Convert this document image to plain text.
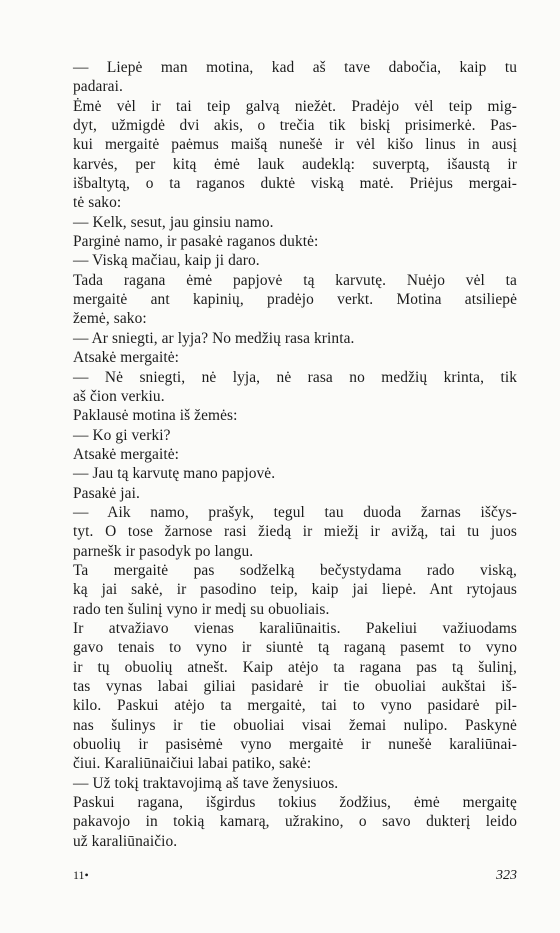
— Liepė man motina, kad aš tave dabočia, kaip tu
padarai.
Ėmė vėl ir tai teip galvą niežėt. Pradėjo vėl teip mig-
dyt, užmigdė dvi akis, o trečia tik biskį prisimerkė. Pas-
kui mergaitė paėmus maišą nunešė ir vėl kišo linus in ausį
karvės, per kitą ėmė lauk audeklą: suverptą, išaustą ir
išbaltytą, o ta raganos duktė viską matė. Priėjus mergai-
tė sako:
— Kelk, sesut, jau ginsiu namo.
Parginė namo, ir pasakė raganos duktė:
— Viską mačiau, kaip ji daro.
Tada ragana ėmė papjovė tą karvutę. Nuėjo vėl ta
mergaitė ant kapinių, pradėjo verkt. Motina atsiliepė
žemė, sako:
— Ar sniegti, ar lyja? No medžių rasa krinta.
Atsakė mergaitė:
— Nė sniegti, nė lyja, nė rasa no medžių krinta, tik
aš čion verkiu.
Paklausė motina iš žemės:
— Ko gi verki?
Atsakė mergaitė:
— Jau tą karvutę mano papjovė.
Pasakė jai.
— Aik namo, prašyk, tegul tau duoda žarnas iščys-
tyt. O tose žarnose rasi žiedą ir miežį ir avižą, tai tu juos
parnešk ir pasodyk po langu.
Ta mergaitė pas sodželką bečystydama rado viską,
ką jai sakė, ir pasodino teip, kaip jai liepė. Ant rytojaus
rado ten šulinį vyno ir medį su obuoliais.
Ir atvažiavo vienas karaliūnaitis. Pakeliui važiuodams
gavo tenais to vyno ir siuntė tą raganą pasemt to vyno
ir tų obuolių atnešt. Kaip atėjo ta ragana pas tą šulinį,
tas vynas labai giliai pasidarė ir tie obuoliai aukštai iš-
kilo. Paskui atėjo ta mergaitė, tai to vyno pasidarė pil-
nas šulinys ir tie obuoliai visai žemai nulipo. Paskynė
obuolių ir pasisėmė vyno mergaitė ir nunešė karaliūnai-
čiui. Karaliūnaičiui labai patiko, sakė:
— Už tokį traktavojimą aš tave ženysiuos.
Paskui ragana, išgirdus tokius žodžius, ėmė mergaitę
pakavojo in tokią kamarą, užrakino, o savo dukterį leido
už karaliūnaičio.
11•	323
